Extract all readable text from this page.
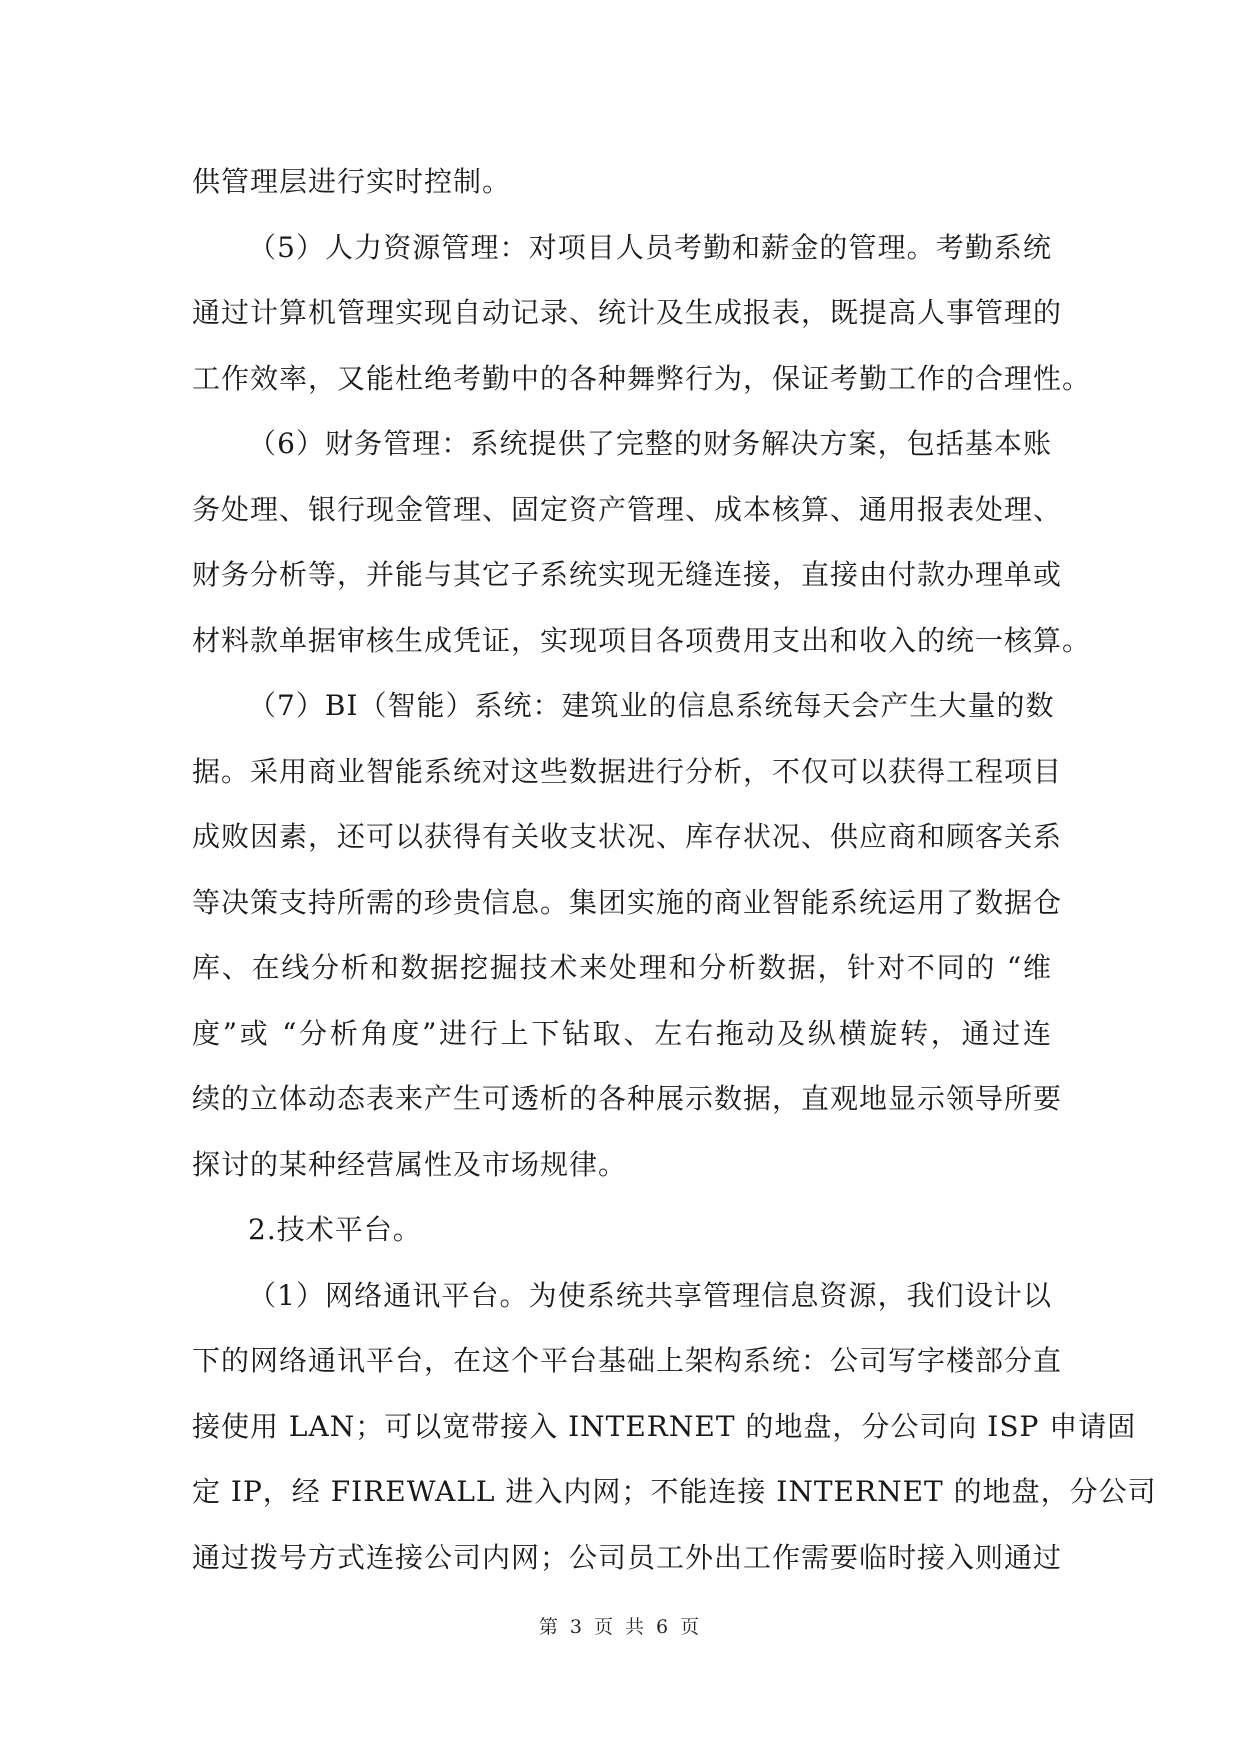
供管理层进行实时控制。
（5）人力资源管理：对项目人员考勤和薪金的管理。考勤系统
通过计算机管理实现自动记录、统计及生成报表，既提高人事管理的
工作效率，又能杜绝考勤中的各种舞弊行为，保证考勤工作的合理性。
（6）财务管理：系统提供了完整的财务解决方案，包括基本账
务处理、银行现金管理、固定资产管理、成本核算、通用报表处理、
财务分析等，并能与其它子系统实现无缝连接，直接由付款办理单或
材料款单据审核生成凭证，实现项目各项费用支出和收入的统一核算。
（7）BI（智能）系统：建筑业的信息系统每天会产生大量的数
据。采用商业智能系统对这些数据进行分析，不仅可以获得工程项目
成败因素，还可以获得有关收支状况、库存状况、供应商和顾客关系
等决策支持所需的珍贵信息。集团实施的商业智能系统运用了数据仓
库、在线分析和数据挖掘技术来处理和分析数据，针对不同的 “维
度”或 “分析角度”进行上下钻取、左右拖动及纵横旋转，通过连
续的立体动态表来产生可透析的各种展示数据，直观地显示领导所要
探讨的某种经营属性及市场规律。
2.技术平台。
（1）网络通讯平台。为使系统共享管理信息资源，我们设计以
下的网络通讯平台，在这个平台基础上架构系统：公司写字楼部分直
接使用 LAN；可以宽带接入 INTERNET 的地盘，分公司向 ISP 申请固
定 IP，经 FIREWALL 进入内网；不能连接 INTERNET 的地盘，分公司
通过拨号方式连接公司内网；公司员工外出工作需要临时接入则通过
第 3 页 共 6 页
